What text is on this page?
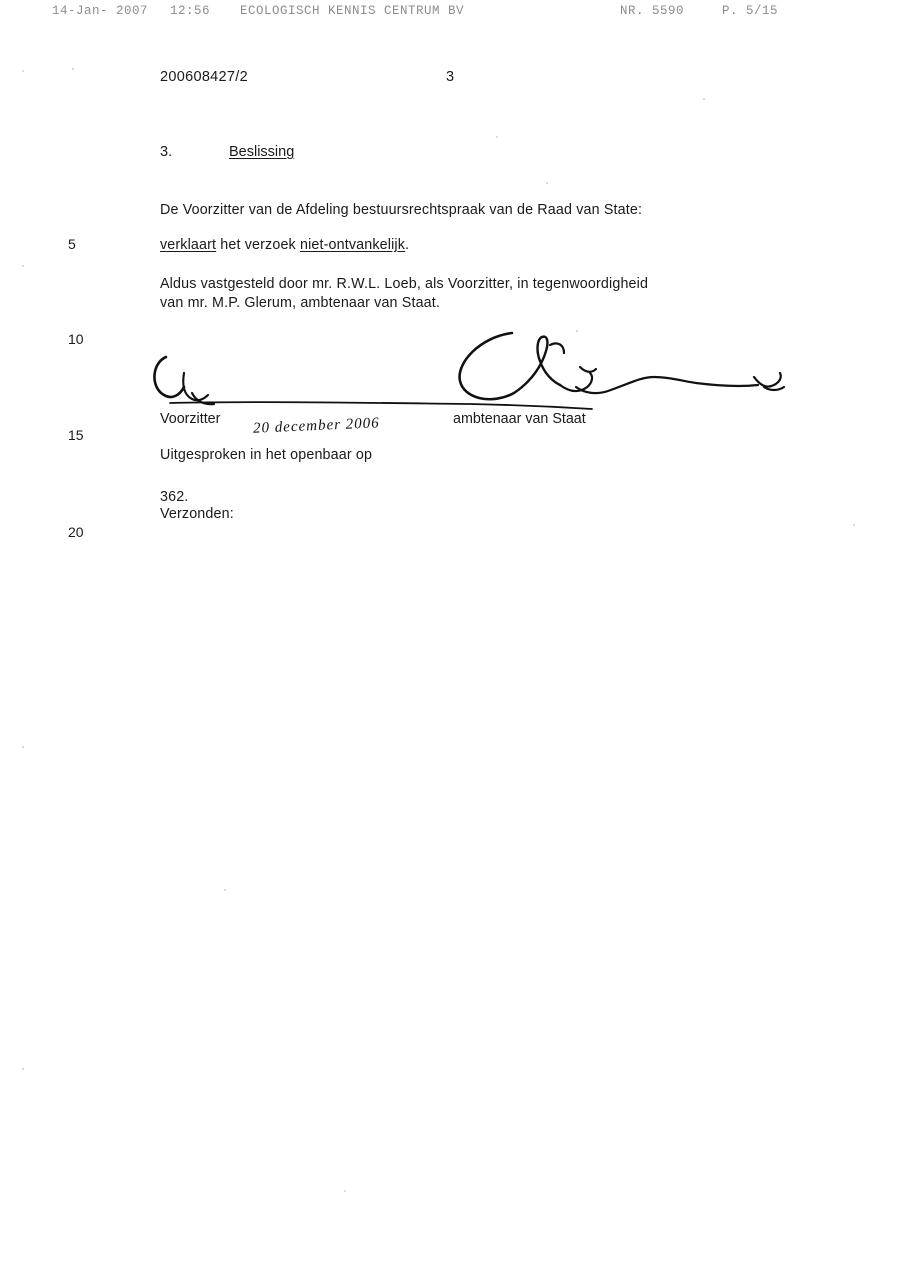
14-Jan- 2007 12:56 ECOLOGISCH KENNIS CENTRUM BV	NR. 5590	P. 5/15
200608427/2	3
5
10
15
20
3.	Beslissing
De Voorzitter van de Afdeling bestuursrechtspraak van de Raad van State:
verklaart het verzoek niet-ontvankelijk.
Aldus vastgesteld door mr. R.W.L. Loeb, als Voorzitter, in tegenwoordigheid
van mr. M.P. Glerum, ambtenaar van Staat.
Voorzitter 20 december 2006	ambtenaar van Staat
Uitgesproken in het openbaar op
362.
Verzonden:
